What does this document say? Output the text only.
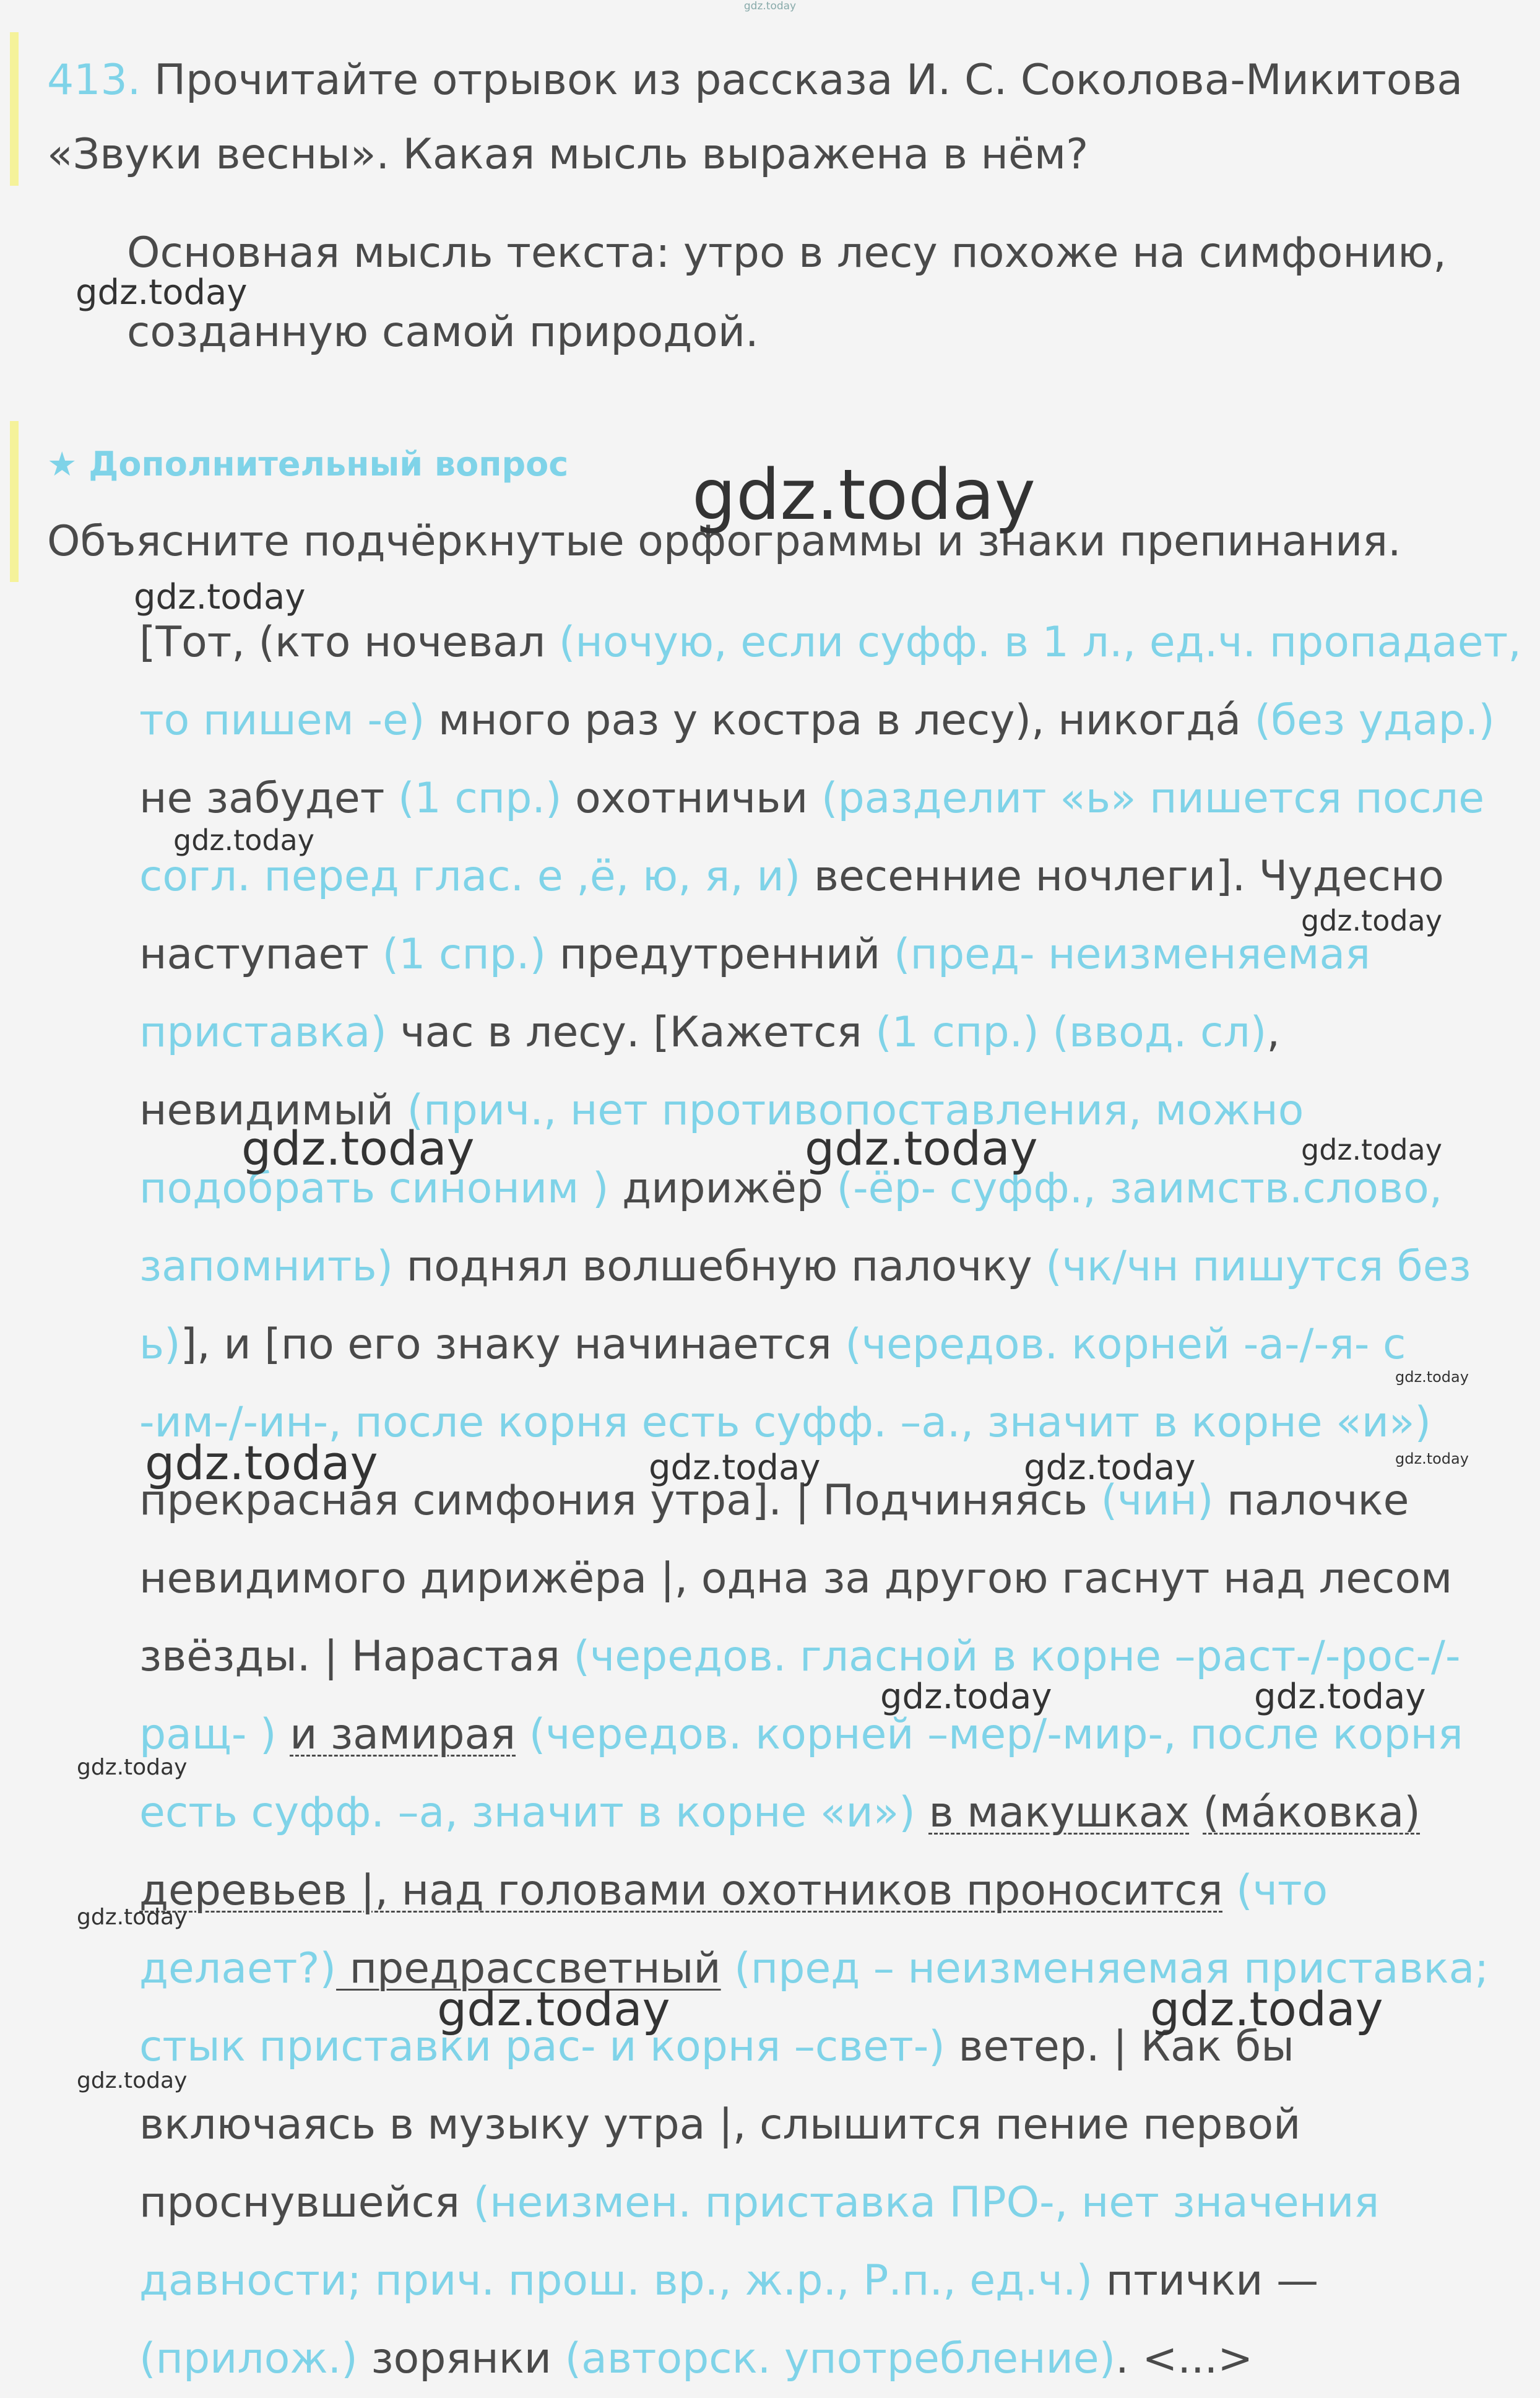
gdz.today
413. Прочитайте отрывок из рассказа И. С. Соколова-Микитова «Звуки весны». Какая мысль выражена в нём?
Основная мысль текста: утро в лесу похоже на симфонию, созданную самой природой.
★ Дополнительный вопрос
Объясните подчёркнутые орфограммы и знаки препинания.

[Тот, (кто ночевал (ночую, если суфф. в 1 л., ед.ч. пропадает, то пишем -е) много раз у костра в лесу), никогда́ (без удар.) не забудет (1 спр.) охотничьи (разделит «ь» пишется после согл. перед глас. е ,ё, ю, я, и) весенние ночлеги]. Чудесно наступает (1 спр.) предутренний (пред- неизменяемая приставка) час в лесу. [Кажется (1 спр.) (ввод. сл), невидимый (прич., нет противопоставления, можно подобрать синоним ) дирижёр (-ёр- суфф., заимств.слово, запомнить) поднял волшебную палочку (чк/чн пишутся без ь)], и [по его знаку начинается (чередов. корней -а-/-я- с -им-/-ин-, после корня есть суфф. –а., значит в корне «и») прекрасная симфония утра]. | Подчиняясь (чин) палочке невидимого дирижёра |, одна за другою гаснут над лесом звёзды. | Нарастая (чередов. гласной в корне –раст-/-рос-/-ращ- ) и замирая (чередов. корней –мер/-мир-, после корня есть суфф. –а, значит в корне «и») в макушках (ма́ковка) деревьев |, над головами охотников проносится (что делает?) предрассветный (пред – неизменяемая приставка; стык приставки рас- и корня –свет-) ветер. | Как бы включаясь в музыку утра |, слышится пение первой проснувшейся (неизмен. приставка ПРО-, нет значения давности; прич. прош. вр., ж.р., Р.п., ед.ч.) птички — (прилож.) зорянки (авторск. употребление). <...>

gdz.today
gdz.today
gdz.today
gdz.today
gdz.today
gdz.today	gdz.today	gdz.today
gdz.today
gdz.today	gdz.today	gdz.today	gdz.today
gdz.today	gdz.today
gdz.today
gdz.today
gdz.today	gdz.today
gdz.today
